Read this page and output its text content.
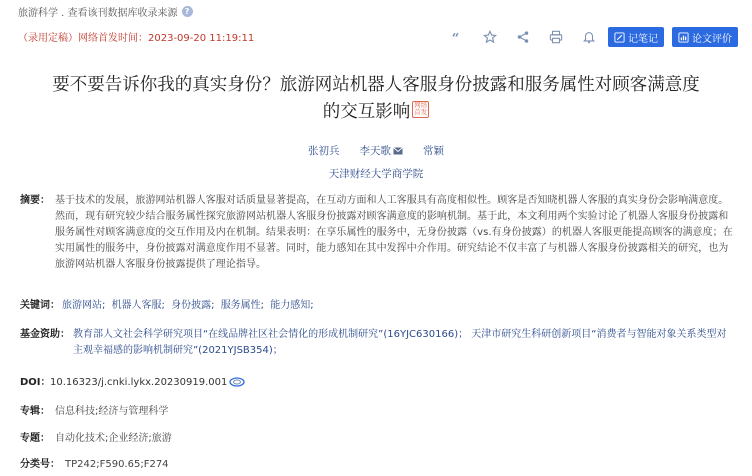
旅游科学 . 查看该刊数据库收录来源 ?
（录用定稿）网络首发时间：2023-09-20 11:19:11	“	记笔记	论文评价
要不要告诉你我的真实身份？旅游网站机器人客服身份披露和服务属性对顾客满意度
的交互影响 网络
首发
张初兵 李天歌	常颖
天津财经大学商学院
摘要： 基于技术的发展，旅游网站机器人客服对话质量显著提高，在互动方面和人工客服具有高度相似性。顾客是否知晓机器人客服的真实身份会影响满意度。然而，现有研究较少结合服务属性探究旅游网站机器人客服身份披露对顾客满意度的影响机制。基于此，本文利用两个实验讨论了机器人客服身份披露和服务属性对顾客满意度的交互作用及内在机制。结果表明：在享乐属性的服务中，无身份披露（vs.有身份披露）的机器人客服更能提高顾客的满意度；在实用属性的服务中，身份披露对满意度作用不显著。同时，能力感知在其中发挥中介作用。研究结论不仅丰富了与机器人客服身份披露相关的研究，也为旅游网站机器人客服身份披露提供了理论指导。
关键词： 旅游网站; 机器人客服; 身份披露; 服务属性; 能力感知;
基金资助： 教育部人文社会科学研究项目“在线品牌社区社会情化的形成机制研究”(16YJC630166)； 天津市研究生科研创新项目“消费者与智能对象关系类型对主观幸福感的影响机制研究”(2021YJSB354)；
DOI： 10.16323/j.cnki.lykx.20230919.001
专辑： 信息科技;经济与管理科学
专题： 自动化技术;企业经济;旅游
分类号： TP242;F590.65;F274
